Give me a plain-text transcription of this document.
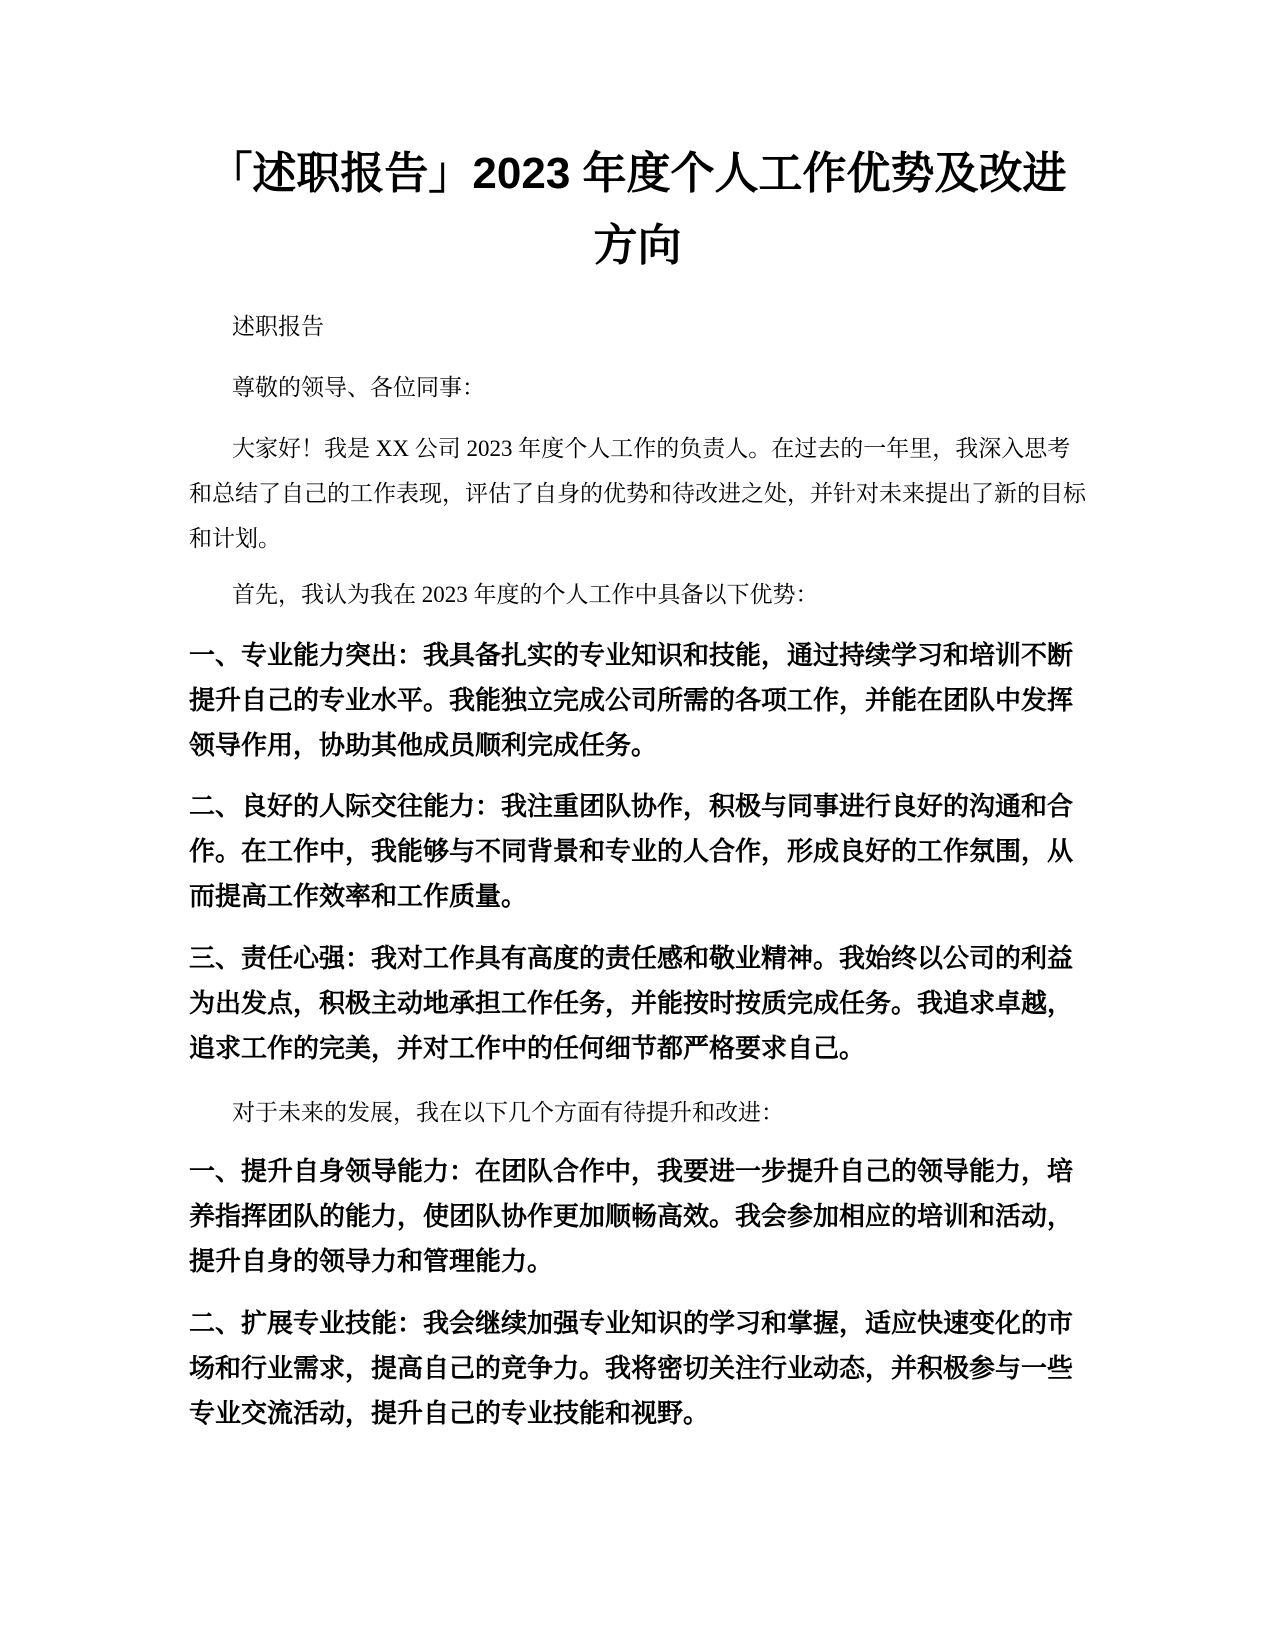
「述职报告」2023 年度个人工作优势及改进
方向

述职报告

尊敬的领导、各位同事：

大家好！我是 XX 公司 2023 年度个人工作的负责人。在过去的一年里，我深入思考和总结了自己的工作表现，评估了自身的优势和待改进之处，并针对未来提出了新的目标和计划。

首先，我认为我在 2023 年度的个人工作中具备以下优势：

一、专业能力突出：我具备扎实的专业知识和技能，通过持续学习和培训不断提升自己的专业水平。我能独立完成公司所需的各项工作，并能在团队中发挥领导作用，协助其他成员顺利完成任务。

二、良好的人际交往能力：我注重团队协作，积极与同事进行良好的沟通和合作。在工作中，我能够与不同背景和专业的人合作，形成良好的工作氛围，从而提高工作效率和工作质量。

三、责任心强：我对工作具有高度的责任感和敬业精神。我始终以公司的利益为出发点，积极主动地承担工作任务，并能按时按质完成任务。我追求卓越，追求工作的完美，并对工作中的任何细节都严格要求自己。

对于未来的发展，我在以下几个方面有待提升和改进：

一、提升自身领导能力：在团队合作中，我要进一步提升自己的领导能力，培养指挥团队的能力，使团队协作更加顺畅高效。我会参加相应的培训和活动，提升自身的领导力和管理能力。

二、扩展专业技能：我会继续加强专业知识的学习和掌握，适应快速变化的市场和行业需求，提高自己的竞争力。我将密切关注行业动态，并积极参与一些专业交流活动，提升自己的专业技能和视野。
